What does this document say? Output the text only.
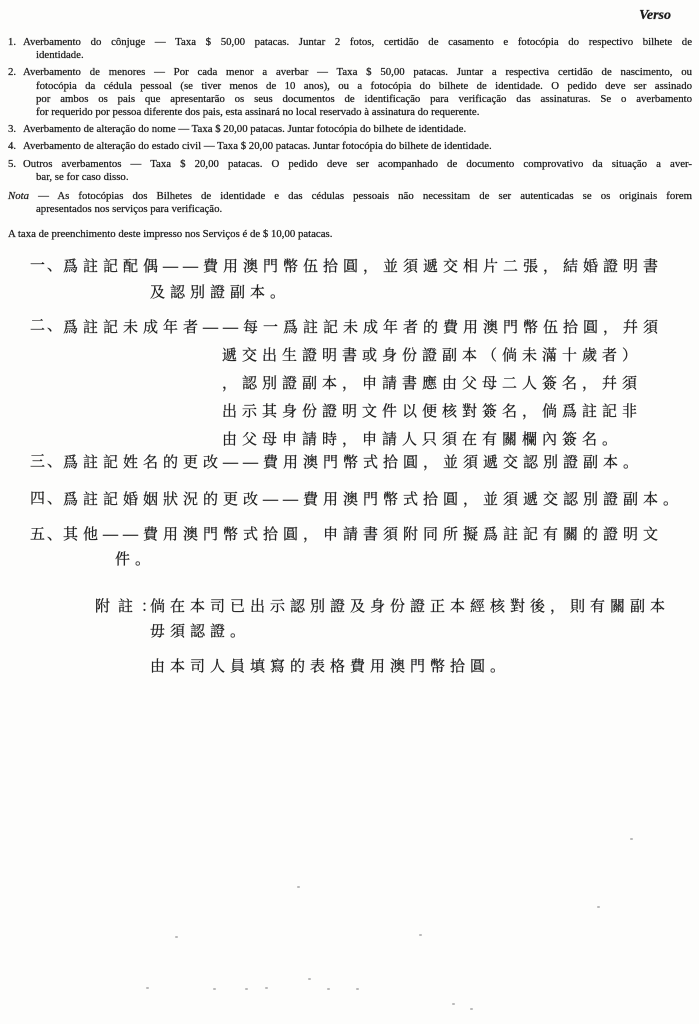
Verso
1. Averbamento do cônjuge — Taxa $ 50,00 patacas. Juntar 2 fotos, certidão de casamento e fotocópia do respectivo bilhete de
identidade.
2. Averbamento de menores — Por cada menor a averbar — Taxa $ 50,00 patacas. Juntar a respectiva certidão de nascimento, ou
fotocópia da cédula pessoal (se tiver menos de 10 anos), ou a fotocópia do bilhete de identidade. O pedido deve ser assinado
por ambos os pais que apresentarão os seus documentos de identificação para verificação das assinaturas. Se o averbamento
for requerido por pessoa diferente dos pais, esta assinará no local reservado à assinatura do requerente.
3. Averbamento de alteração do nome — Taxa $ 20,00 patacas. Juntar fotocópia do bilhete de identidade.
4. Averbamento de alteração do estado civil — Taxa $ 20,00 patacas. Juntar fotocópia do bilhete de identidade.
5. Outros averbamentos — Taxa $ 20,00 patacas. O pedido deve ser acompanhado de documento comprovativo da situação a aver-
bar, se for caso disso.
Nota — As fotocópias dos Bilhetes de identidade e das cédulas pessoais não necessitam de ser autenticadas se os originais forem
apresentados nos serviços para verificação.
A taxa de preenchimento deste impresso nos Serviços é de $ 10,00 patacas.
一、
爲註記配偶——費用澳門幣伍拾圓，並須遞交相片二張，結婚證明書
及認別證副本。
二、
爲註記未成年者——每一爲註記未成年者的費用澳門幣伍拾圓，幷須
遞交出生證明書或身份證副本（倘未滿十歲者）
，認別證副本，申請書應由父母二人簽名，幷須
出示其身份證明文件以便核對簽名，倘爲註記非
由父母申請時，申請人只須在有關欄內簽名。
三、
爲註記姓名的更改——費用澳門幣式拾圓，並須遞交認別證副本。
四、
爲註記婚姻狀況的更改——費用澳門幣式拾圓，並須遞交認別證副本。
五、
其他——費用澳門幣式拾圓，申請書須附同所擬爲註記有關的證明文
件。
附註：
倘在本司已出示認別證及身份證正本經核對後，則有關副本
毋須認證。
由本司人員填寫的表格費用澳門幣拾圓。
